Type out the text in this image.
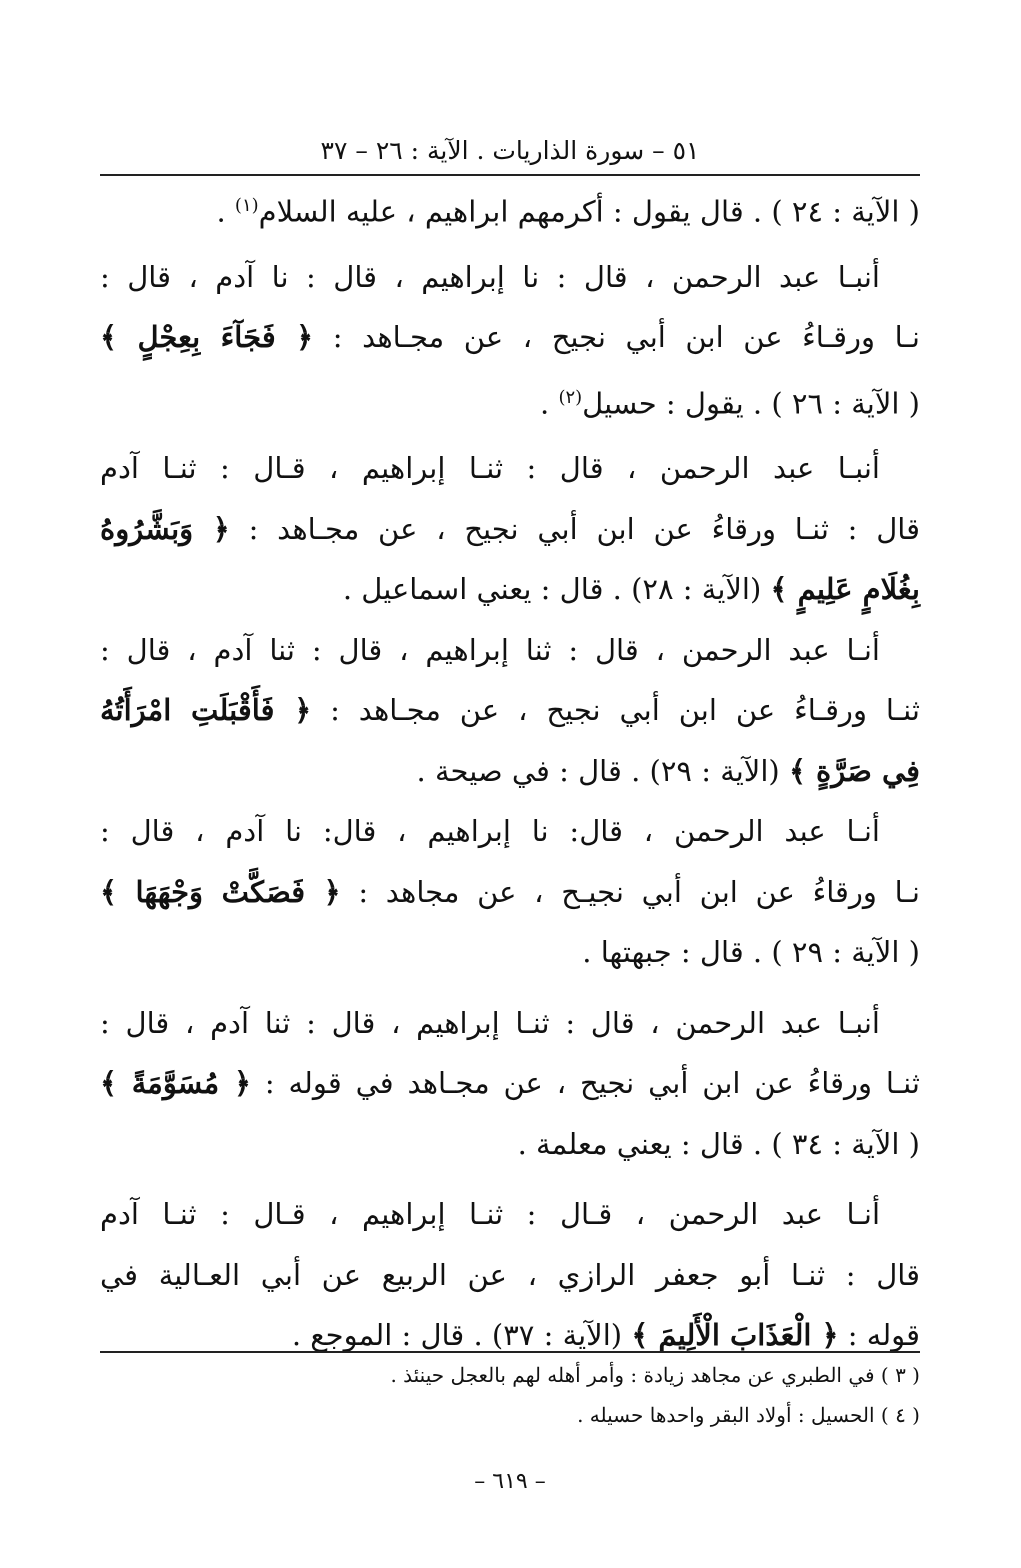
٥١ – سورة الذاريات . الآية : ٢٦ – ٣٧
( الآية : ٢٤ ) . قال يقول : أكرمهم ابراهيم ، عليه السلام$^{(١)}$ .
أنبـا عبد الرحمن ، قال : نا إبراهيم ، قال : نا آدم ، قال :
نـا ورقـاءُ عن ابن أبي نجيح ، عن مجـاهد : ﴿ فَجَآءَ بِعِجْلٍ ﴾
( الآية : ٢٦ ) . يقول : حسيل$^{(٢)}$ .
أنبـا عبد الرحمن ، قال : ثنـا إبراهيم ، قـال : ثنـا آدم
قال : ثنـا ورقاءُ عن ابن أبي نجيح ، عن مجـاهد : ﴿ وَبَشَّرُوهُ
بِغُلَامٍ عَلِيمٍ ﴾ (الآية : ٢٨) . قال : يعني اسماعيل .
أنـا عبد الرحمن ، قال : ثنا إبراهيم ، قال : ثنا آدم ، قال :
ثنـا ورقـاءُ عن ابن أبي نجيح ، عن مجـاهد : ﴿ فَأَقْبَلَتِ امْرَأَتُهُ
فِي صَرَّةٍ ﴾ (الآية : ٢٩) . قال : في صيحة .
أنـا عبد الرحمن ، قال: نا إبراهيم ، قال: نا آدم ، قال :
نـا ورقاءُ عن ابن أبي نجيـح ، عن مجاهد : ﴿ فَصَكَّتْ وَجْهَهَا ﴾
( الآية : ٢٩ ) . قال : جبهتها .
أنبـا عبد الرحمن ، قال : ثنـا إبراهيم ، قال : ثنا آدم ، قال :
ثنـا ورقاءُ عن ابن أبي نجيح ، عن مجـاهد في قوله : ﴿ مُسَوَّمَةً ﴾
( الآية : ٣٤ ) . قال : يعني معلمة .
أنـا عبد الرحمن ، قـال : ثنـا إبراهيم ، قـال : ثنـا آدم
قال : ثنـا أبو جعفر الرازي ، عن الربيع عن أبي العـالية في
قوله : ﴿ الْعَذَابَ الْأَلِيمَ ﴾ (الآية : ٣٧) . قال : الموجع .
( ٣ ) في الطبري عن مجاهد زيادة : وأمر أهله لهم بالعجل حينئذ .
( ٤ ) الحسيل : أولاد البقر واحدها حسيله .
– ٦١٩ –
